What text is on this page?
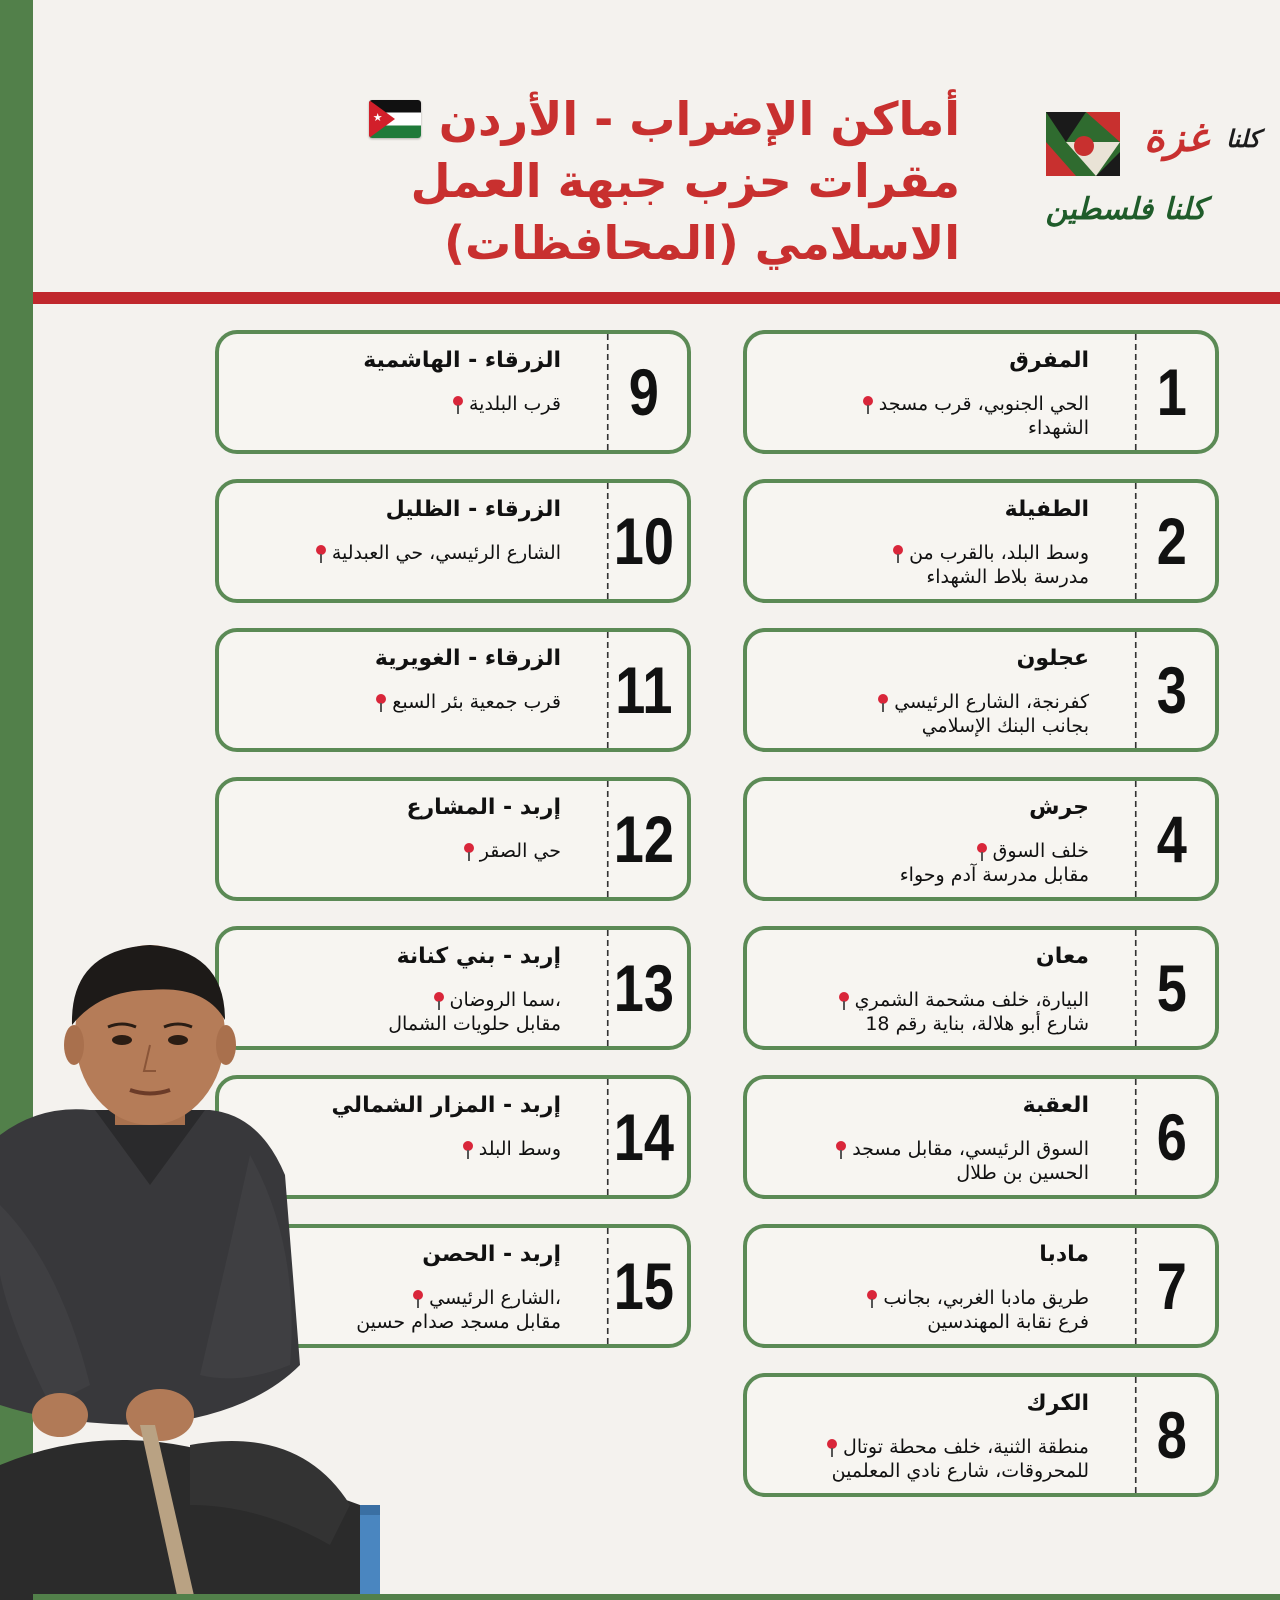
أماكن الإضراب - الأردن
★
مقرات حزب جبهة العمل
الاسلامي (المحافظات)
كلنا
غزة
كلنا فلسطين
1
المفرق
الحي الجنوبي، قرب مسجد
الشهداء
2
الطفيلة
وسط البلد، بالقرب من
مدرسة بلاط الشهداء
3
عجلون
كفرنجة، الشارع الرئيسي
بجانب البنك الإسلامي
4
جرش
خلف السوق
مقابل مدرسة آدم وحواء
5
معان
البيارة، خلف مشحمة الشمري
شارع أبو هلالة، بناية رقم 18
6
العقبة
السوق الرئيسي، مقابل مسجد
الحسين بن طلال
7
مادبا
طريق مادبا الغربي، بجانب
فرع نقابة المهندسين
8
الكرك
منطقة الثنية، خلف محطة توتال
للمحروقات، شارع نادي المعلمين
9
الزرقاء - الهاشمية
قرب البلدية
10
الزرقاء - الظليل
الشارع الرئيسي، حي العبدلية
11
الزرقاء - الغويرية
قرب جمعية بئر السبع
12
إربد - المشارع
حي الصقر
13
إربد - بني كنانة
،سما الروضان
مقابل حلويات الشمال
14
إربد - المزار الشمالي
وسط البلد
15
إربد - الحصن
،الشارع الرئيسي
مقابل مسجد صدام حسين
